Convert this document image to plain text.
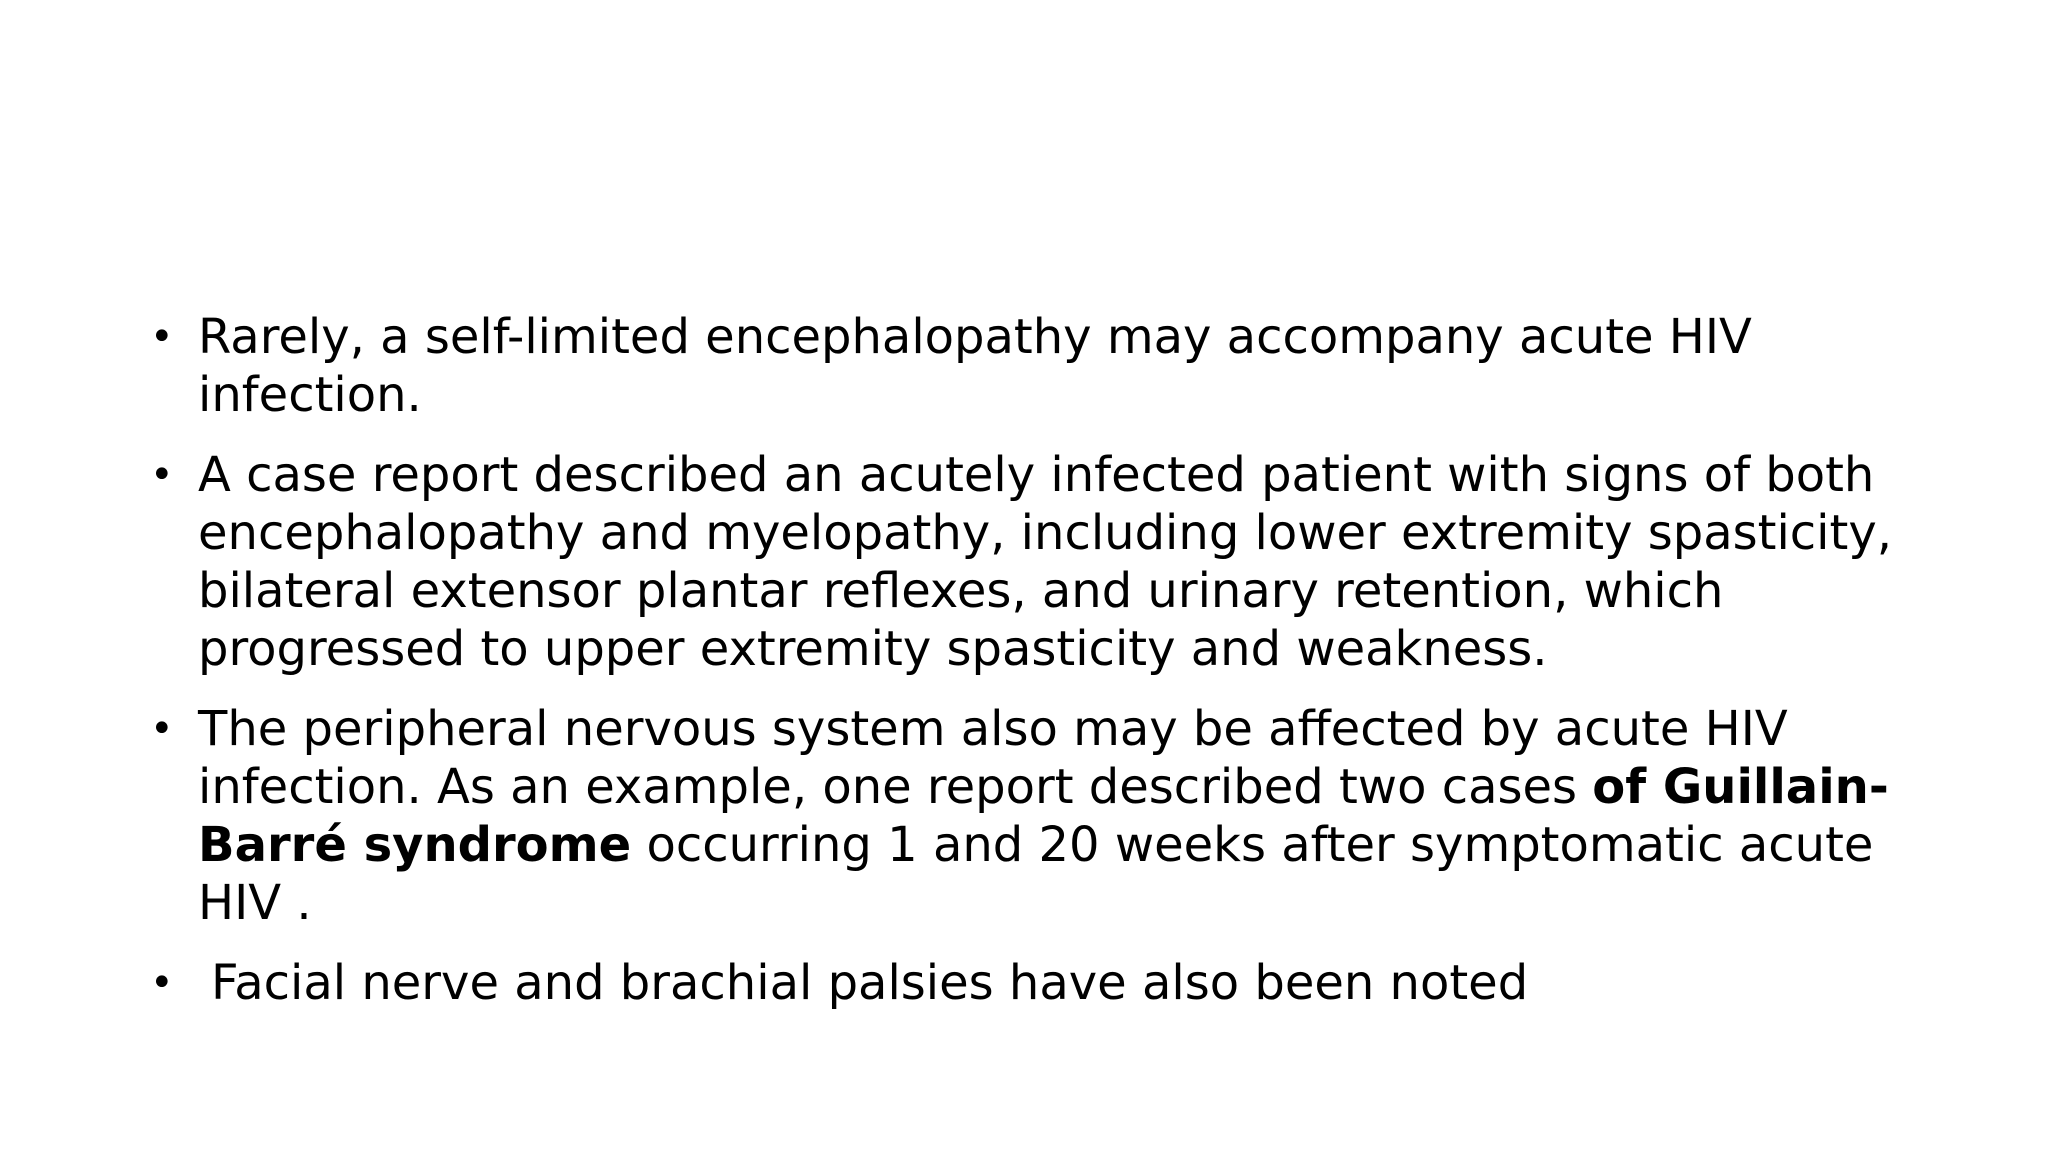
• Rarely, a self-limited encephalopathy may accompany acute HIV infection.
• A case report described an acutely infected patient with signs of both encephalopathy and myelopathy, including lower extremity spasticity, bilateral extensor plantar reflexes, and urinary retention, which progressed to upper extremity spasticity and weakness.
• The peripheral nervous system also may be affected by acute HIV infection. As an example, one report described two cases of Guillain-Barré syndrome occurring 1 and 20 weeks after symptomatic acute HIV .
• Facial nerve and brachial palsies have also been noted
